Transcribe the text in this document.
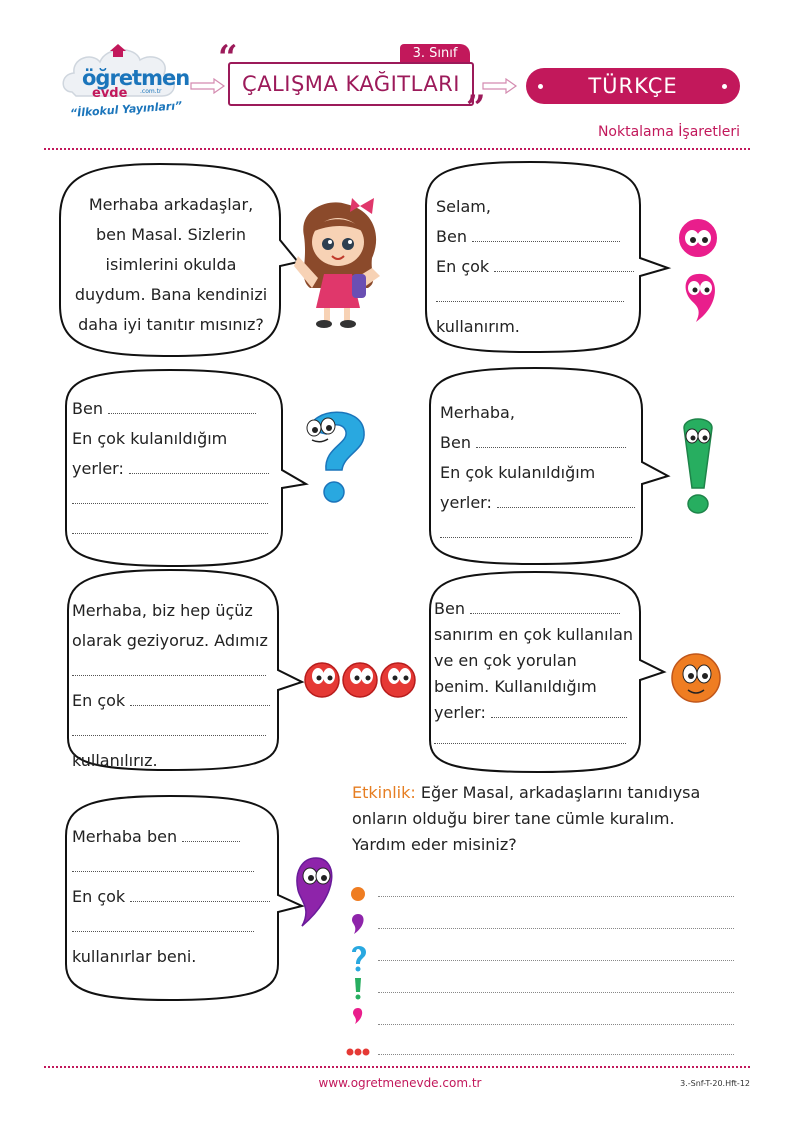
öğretmen
evde .com.tr
“İlkokul Yayınları”
3. Sınıf
ÇALIŞMA KAĞITLARI
“
”
TÜRKÇE
Noktalama İşaretleri
Merhaba arkadaşlar,
ben Masal. Sizlerin
isimlerini okulda
duydum. Bana kendinizi
daha iyi tanıtır mısınız?
Selam,
Ben
En çok
kullanırım.
Ben
En çok kulanıldığım
yerler:
Merhaba,
Ben
En çok kulanıldığım
yerler:
Merhaba, biz hep üçüz
olarak geziyoruz. Adımız
En çok
kullanılırız.
Ben
sanırım en çok kullanılan
ve en çok yorulan
benim. Kullanıldığım
yerler:
Merhaba ben
En çok
kullanırlar beni.
Etkinlik: Eğer Masal, arkadaşlarını tanıdıysa
onların olduğu birer tane cümle kuralım.
Yardım eder misiniz?
www.ogretmenevde.com.tr	3.-Snf-T-20.Hft-12
